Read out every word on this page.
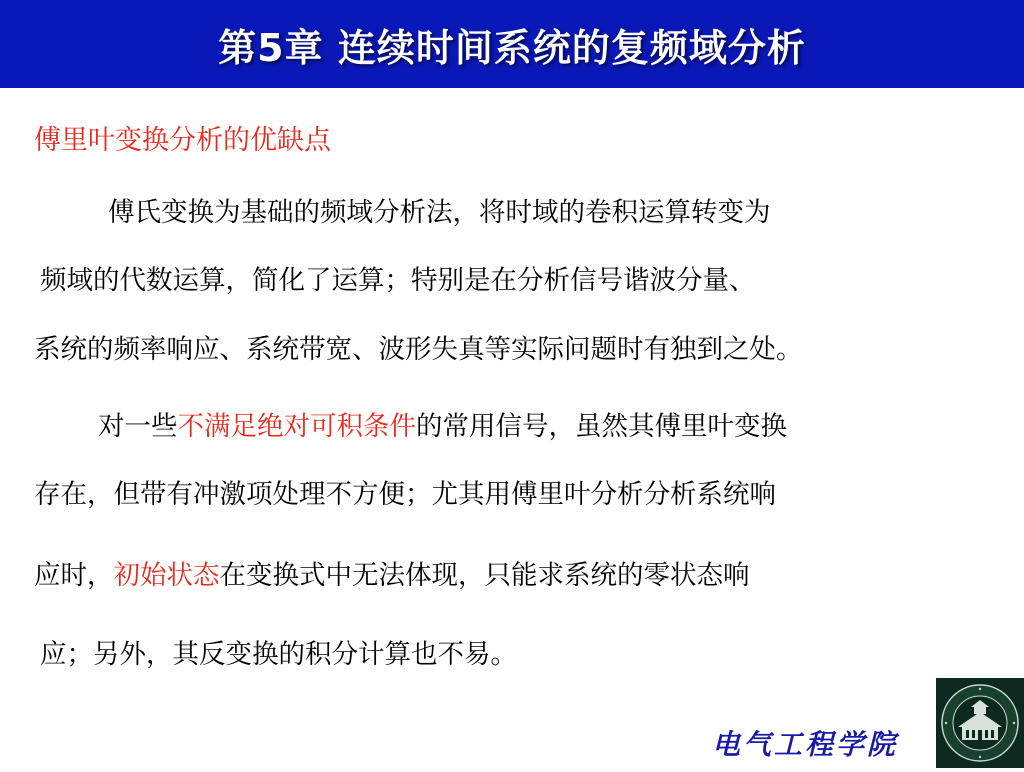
第5章 连续时间系统的复频域分析
傅里叶变换分析的优缺点
傅氏变换为基础的频域分析法，将时域的卷积运算转变为
频域的代数运算，简化了运算；特别是在分析信号谐波分量、
系统的频率响应、系统带宽、波形失真等实际问题时有独到之处。
对一些不满足绝对可积条件的常用信号，虽然其傅里叶变换
存在，但带有冲激项处理不方便；尤其用傅里叶分析分析系统响
应时，初始状态在变换式中无法体现，只能求系统的零状态响
应；另外，其反变换的积分计算也不易。
电气工程学院
